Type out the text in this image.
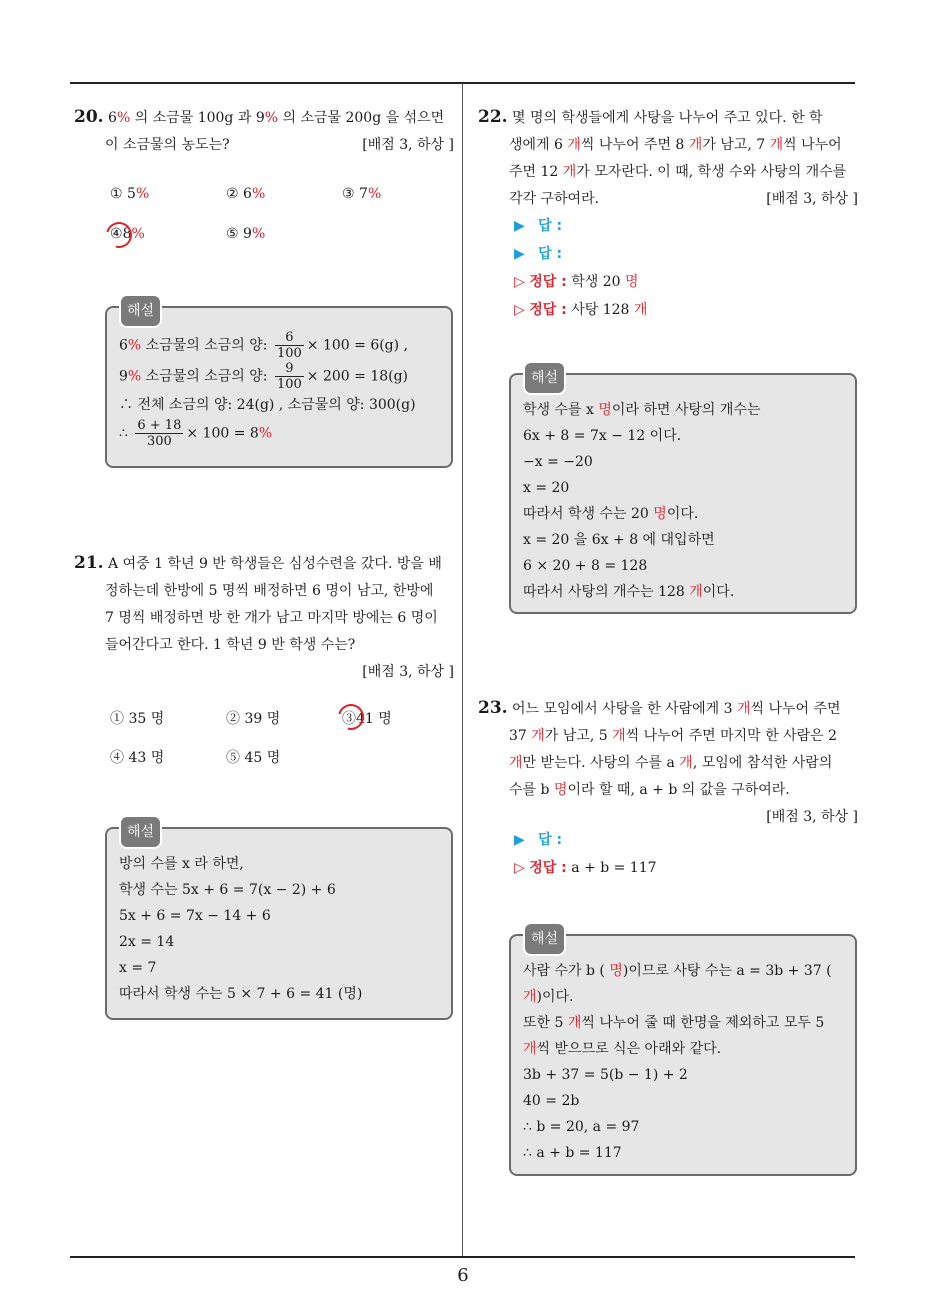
6

20. 6% 의 소금물 100g 과 9% 의 소금물 200g 을 섞으면

이 소금물의 농도는?	[배점 3, 하상 ]

① 5%	② 6%	③ 7%
④8%	⑤ 9%
해설

6% 소금물의 소금의 양: $\frac{6}{100} \times 100 = 6(g)$ ,

9% 소금물의 소금의 양: $\frac{9}{100} \times 200 = 18(g)$

∴ 전체 소금의 양: 24(g) , 소금물의 양: 300(g)

∴ $\frac{6 + 18}{300} \times 100 = 8\%$

21. A 여중 1 학년 9 반 학생들은 심성수련을 갔다. 방을 배

정하는데 한방에 5 명씩 배정하면 6 명이 남고, 한방에

7 명씩 배정하면 방 한 개가 남고 마지막 방에는 6 명이

들어간다고 한다. 1 학년 9 반 학생 수는?

[배점 3, 하상 ]

① 35 명	② 39 명	③41 명
④ 43 명	⑤ 45 명
해설

방의 수를 x 라 하면,

학생 수는 5x + 6 = 7(x − 2) + 6

5x + 6 = 7x − 14 + 6

2x = 14

x = 7

따라서 학생 수는 5 × 7 + 6 = 41 (명)

22. 몇 명의 학생들에게 사탕을 나누어 주고 있다. 한 학

생에게 6 개씩 나누어 주면 8 개가 남고, 7 개씩 나누어

주면 12 개가 모자란다. 이 때, 학생 수와 사탕의 개수를

각각 구하여라.	[배점 3, 하상 ]

▶ 답 :
▶ 답 :
▷ 정답 : 학생 20 명
▷ 정답 : 사탕 128 개
해설

학생 수를 x 명이라 하면 사탕의 개수는

6x + 8 = 7x − 12 이다.

−x = −20

x = 20

따라서 학생 수는 20 명이다.

x = 20 을 6x + 8 에 대입하면

6 × 20 + 8 = 128

따라서 사탕의 개수는 128 개이다.

23. 어느 모임에서 사탕을 한 사람에게 3 개씩 나누어 주면

37 개가 남고, 5 개씩 나누어 주면 마지막 한 사람은 2

개만 받는다. 사탕의 수를 a 개, 모임에 참석한 사람의

수를 b 명이라 할 때, a + b 의 값을 구하여라.

[배점 3, 하상 ]

▶ 답 :
▷ 정답 : a + b = 117
해설

사람 수가 b ( 명)이므로 사탕 수는 a = 3b + 37 (

개)이다.

또한 5 개씩 나누어 줄 때 한명을 제외하고 모두 5

개씩 받으므로 식은 아래와 같다.

3b + 37 = 5(b − 1) + 2

40 = 2b

∴ b = 20, a = 97

∴ a + b = 117
